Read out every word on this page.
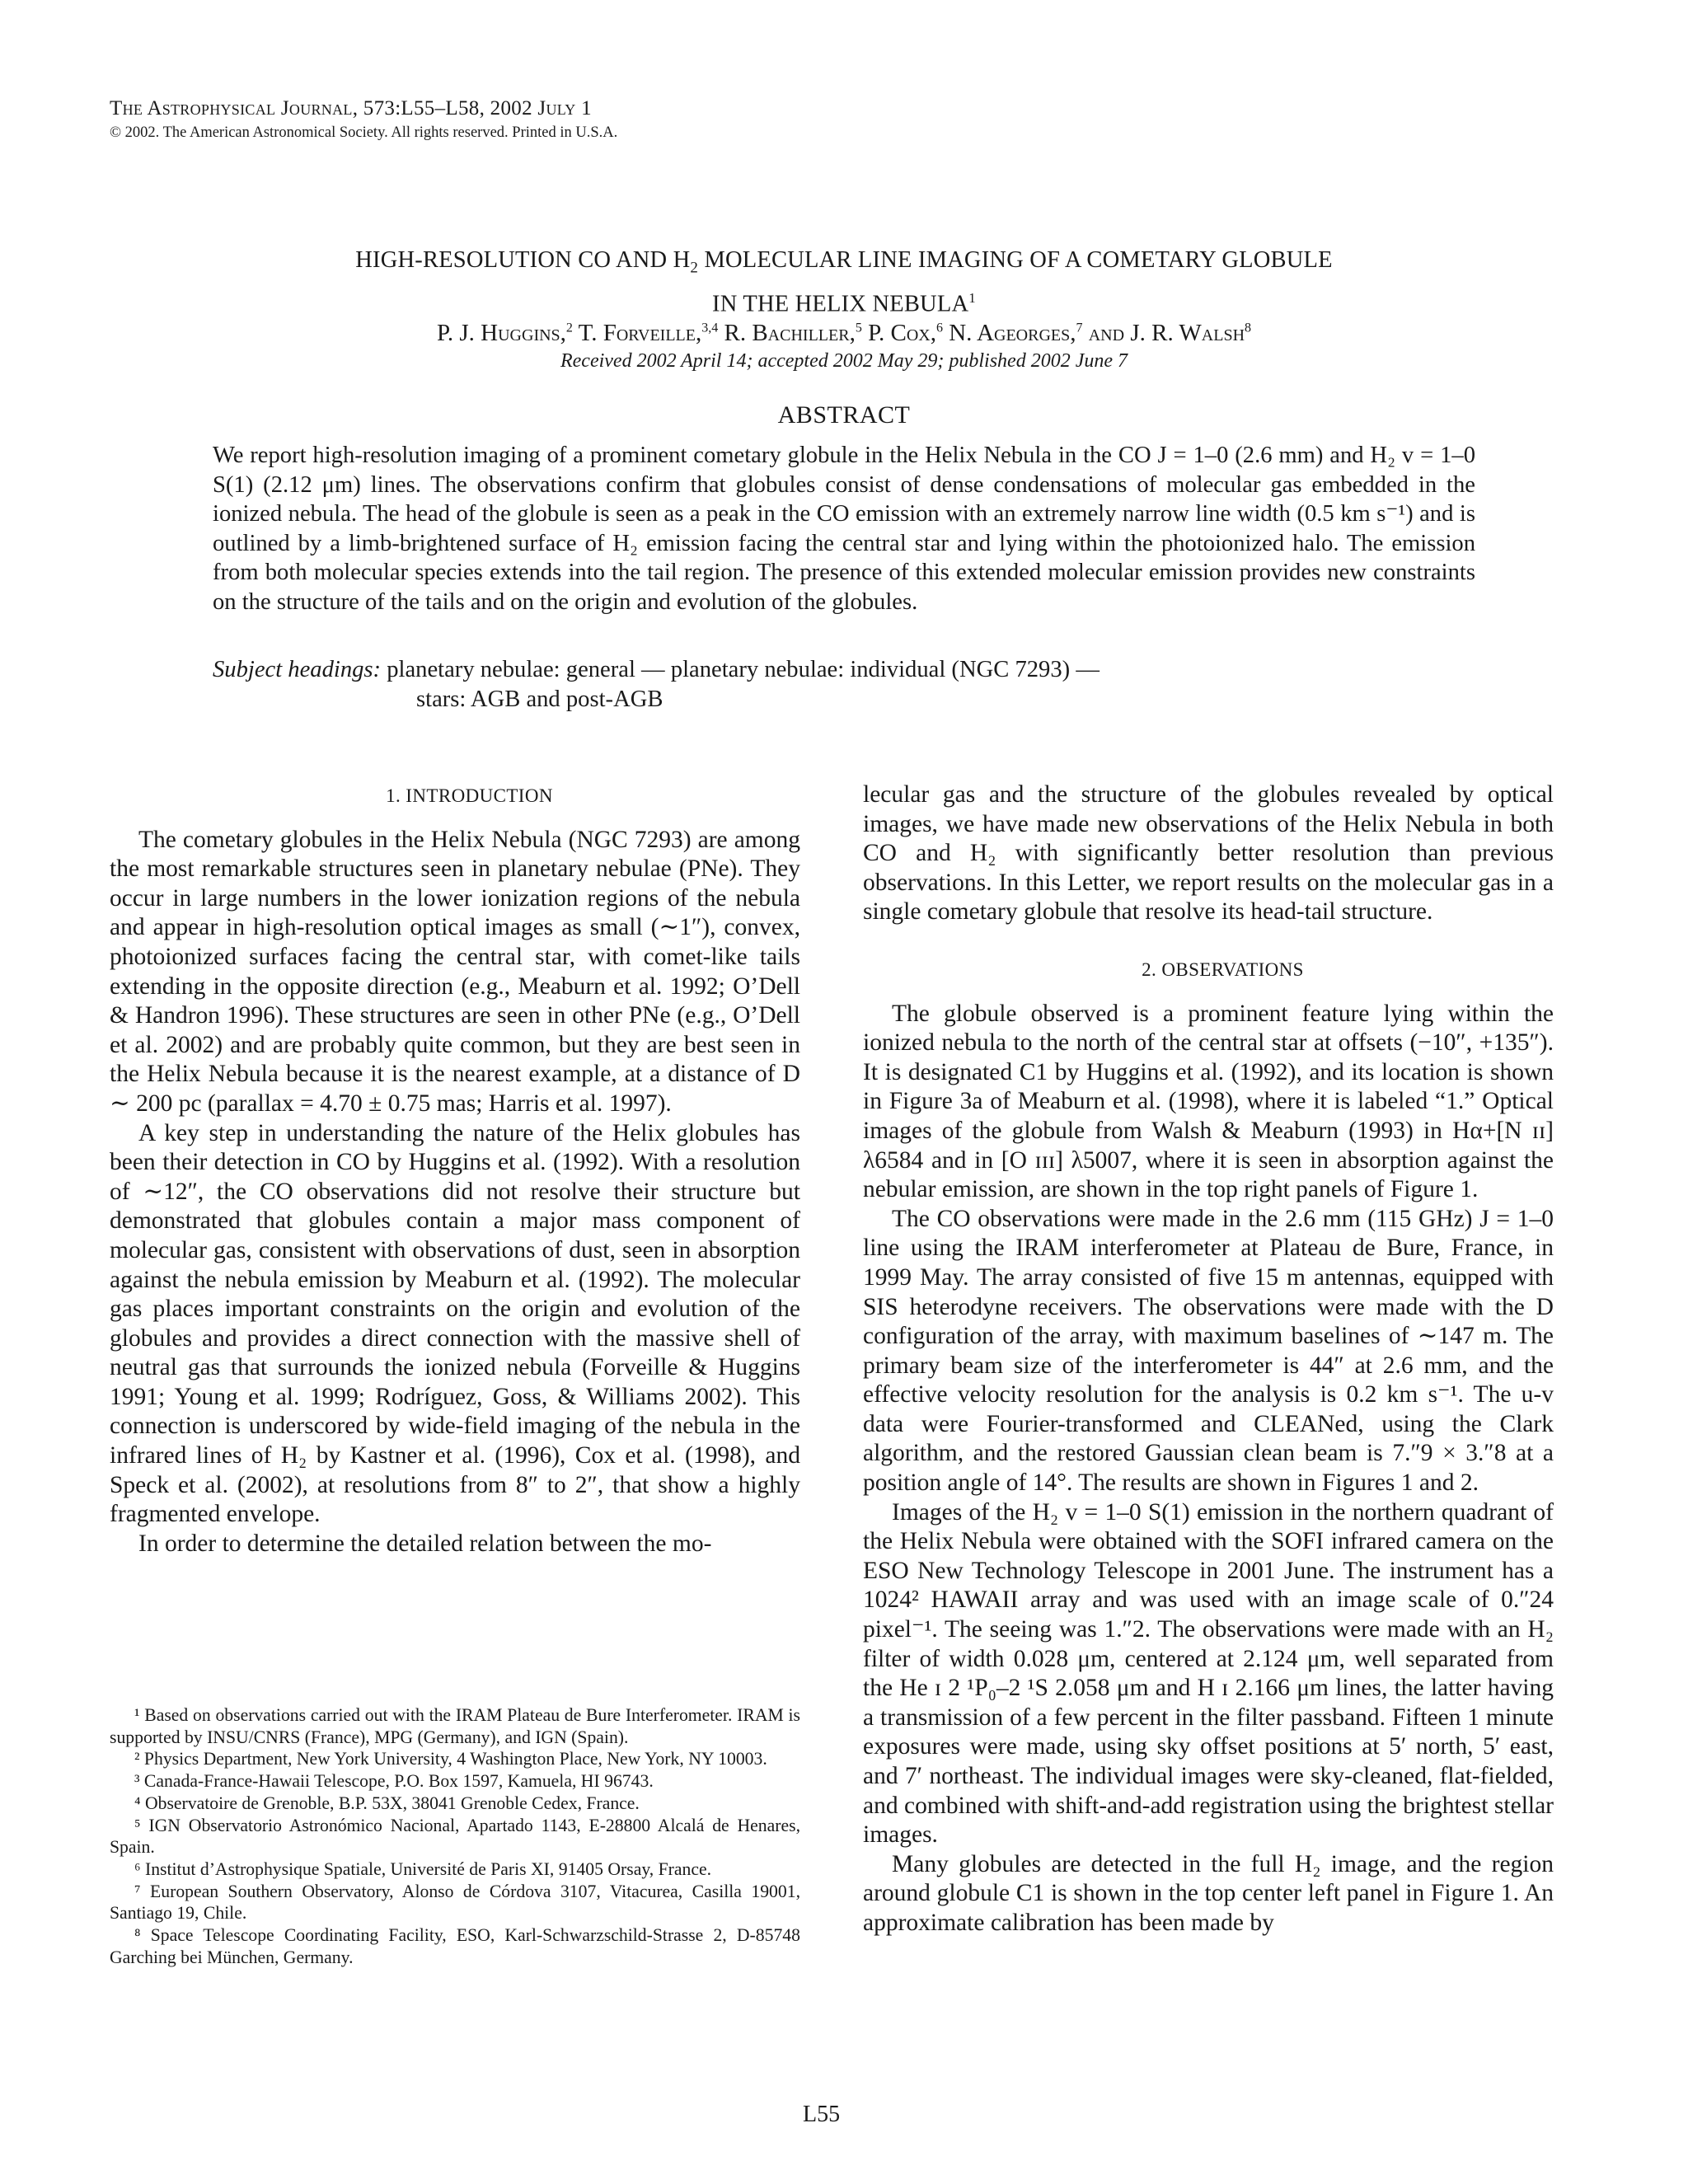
The Astrophysical Journal, 573:L55–L58, 2002 July 1
© 2002. The American Astronomical Society. All rights reserved. Printed in U.S.A.
HIGH-RESOLUTION CO AND $H_2$ MOLECULAR LINE IMAGING OF A COMETARY GLOBULE
IN THE HELIX NEBULA$^1$
P. J. Huggins,$^2$ T. Forveille,$^{3,4}$ R. Bachiller,$^5$ P. Cox,$^6$ N. Ageorges,$^7$ and J. R. Walsh$^8$
Received 2002 April 14; accepted 2002 May 29; published 2002 June 7
ABSTRACT
We report high-resolution imaging of a prominent cometary globule in the Helix Nebula in the CO J = 1–0 (2.6 mm) and H₂ v = 1–0 S(1) (2.12 μm) lines. The observations confirm that globules consist of dense condensations of molecular gas embedded in the ionized nebula. The head of the globule is seen as a peak in the CO emission with an extremely narrow line width (0.5 km s⁻¹) and is outlined by a limb-brightened surface of H₂ emission facing the central star and lying within the photoionized halo. The emission from both molecular species extends into the tail region. The presence of this extended molecular emission provides new constraints on the structure of the tails and on the origin and evolution of the globules.
Subject headings: planetary nebulae: general — planetary nebulae: individual (NGC 7293) —
stars: AGB and post-AGB

1. INTRODUCTION

The cometary globules in the Helix Nebula (NGC 7293) are among the most remarkable structures seen in planetary nebulae (PNe). They occur in large numbers in the lower ionization regions of the nebula and appear in high-resolution optical images as small (∼1″), convex, photoionized surfaces facing the central star, with comet-like tails extending in the opposite direction (e.g., Meaburn et al. 1992; O’Dell & Handron 1996). These structures are seen in other PNe (e.g., O’Dell et al. 2002) and are probably quite common, but they are best seen in the Helix Nebula because it is the nearest example, at a distance of D ∼ 200 pc (parallax = 4.70 ± 0.75 mas; Harris et al. 1997).

A key step in understanding the nature of the Helix globules has been their detection in CO by Huggins et al. (1992). With a resolution of ∼12″, the CO observations did not resolve their structure but demonstrated that globules contain a major mass component of molecular gas, consistent with observations of dust, seen in absorption against the nebula emission by Meaburn et al. (1992). The molecular gas places important constraints on the origin and evolution of the globules and provides a direct connection with the massive shell of neutral gas that surrounds the ionized nebula (Forveille & Huggins 1991; Young et al. 1999; Rodríguez, Goss, & Williams 2002). This connection is underscored by wide-field imaging of the nebula in the infrared lines of H₂ by Kastner et al. (1996), Cox et al. (1998), and Speck et al. (2002), at resolutions from 8″ to 2″, that show a highly fragmented envelope.

In order to determine the detailed relation between the mo-

¹ Based on observations carried out with the IRAM Plateau de Bure Interferometer. IRAM is supported by INSU/CNRS (France), MPG (Germany), and IGN (Spain).

² Physics Department, New York University, 4 Washington Place, New York, NY 10003.

³ Canada-France-Hawaii Telescope, P.O. Box 1597, Kamuela, HI 96743.

⁴ Observatoire de Grenoble, B.P. 53X, 38041 Grenoble Cedex, France.

⁵ IGN Observatorio Astronómico Nacional, Apartado 1143, E-28800 Alcalá de Henares, Spain.

⁶ Institut d’Astrophysique Spatiale, Université de Paris XI, 91405 Orsay, France.

⁷ European Southern Observatory, Alonso de Córdova 3107, Vitacurea, Casilla 19001, Santiago 19, Chile.

⁸ Space Telescope Coordinating Facility, ESO, Karl-Schwarzschild-Strasse 2, D-85748 Garching bei München, Germany.

lecular gas and the structure of the globules revealed by optical images, we have made new observations of the Helix Nebula in both CO and H₂ with significantly better resolution than previous observations. In this Letter, we report results on the molecular gas in a single cometary globule that resolve its head-tail structure.

2. OBSERVATIONS

The globule observed is a prominent feature lying within the ionized nebula to the north of the central star at offsets (−10″, +135″). It is designated C1 by Huggins et al. (1992), and its location is shown in Figure 3a of Meaburn et al. (1998), where it is labeled “1.” Optical images of the globule from Walsh & Meaburn (1993) in Hα+[N ɪɪ] λ6584 and in [O ɪɪɪ] λ5007, where it is seen in absorption against the nebular emission, are shown in the top right panels of Figure 1.

The CO observations were made in the 2.6 mm (115 GHz) J = 1–0 line using the IRAM interferometer at Plateau de Bure, France, in 1999 May. The array consisted of five 15 m antennas, equipped with SIS heterodyne receivers. The observations were made with the D configuration of the array, with maximum baselines of ∼147 m. The primary beam size of the interferometer is 44″ at 2.6 mm, and the effective velocity resolution for the analysis is 0.2 km s⁻¹. The u-v data were Fourier-transformed and CLEANed, using the Clark algorithm, and the restored Gaussian clean beam is 7.″9 × 3.″8 at a position angle of 14°. The results are shown in Figures 1 and 2.

Images of the H₂ v = 1–0 S(1) emission in the northern quadrant of the Helix Nebula were obtained with the SOFI infrared camera on the ESO New Technology Telescope in 2001 June. The instrument has a 1024² HAWAII array and was used with an image scale of 0.″24 pixel⁻¹. The seeing was 1.″2. The observations were made with an H₂ filter of width 0.028 μm, centered at 2.124 μm, well separated from the He ɪ 2 ¹P₀–2 ¹S 2.058 μm and H ɪ 2.166 μm lines, the latter having a transmission of a few percent in the filter passband. Fifteen 1 minute exposures were made, using sky offset positions at 5′ north, 5′ east, and 7′ northeast. The individual images were sky-cleaned, flat-fielded, and combined with shift-and-add registration using the brightest stellar images.

Many globules are detected in the full H₂ image, and the region around globule C1 is shown in the top center left panel in Figure 1. An approximate calibration has been made by

L55
